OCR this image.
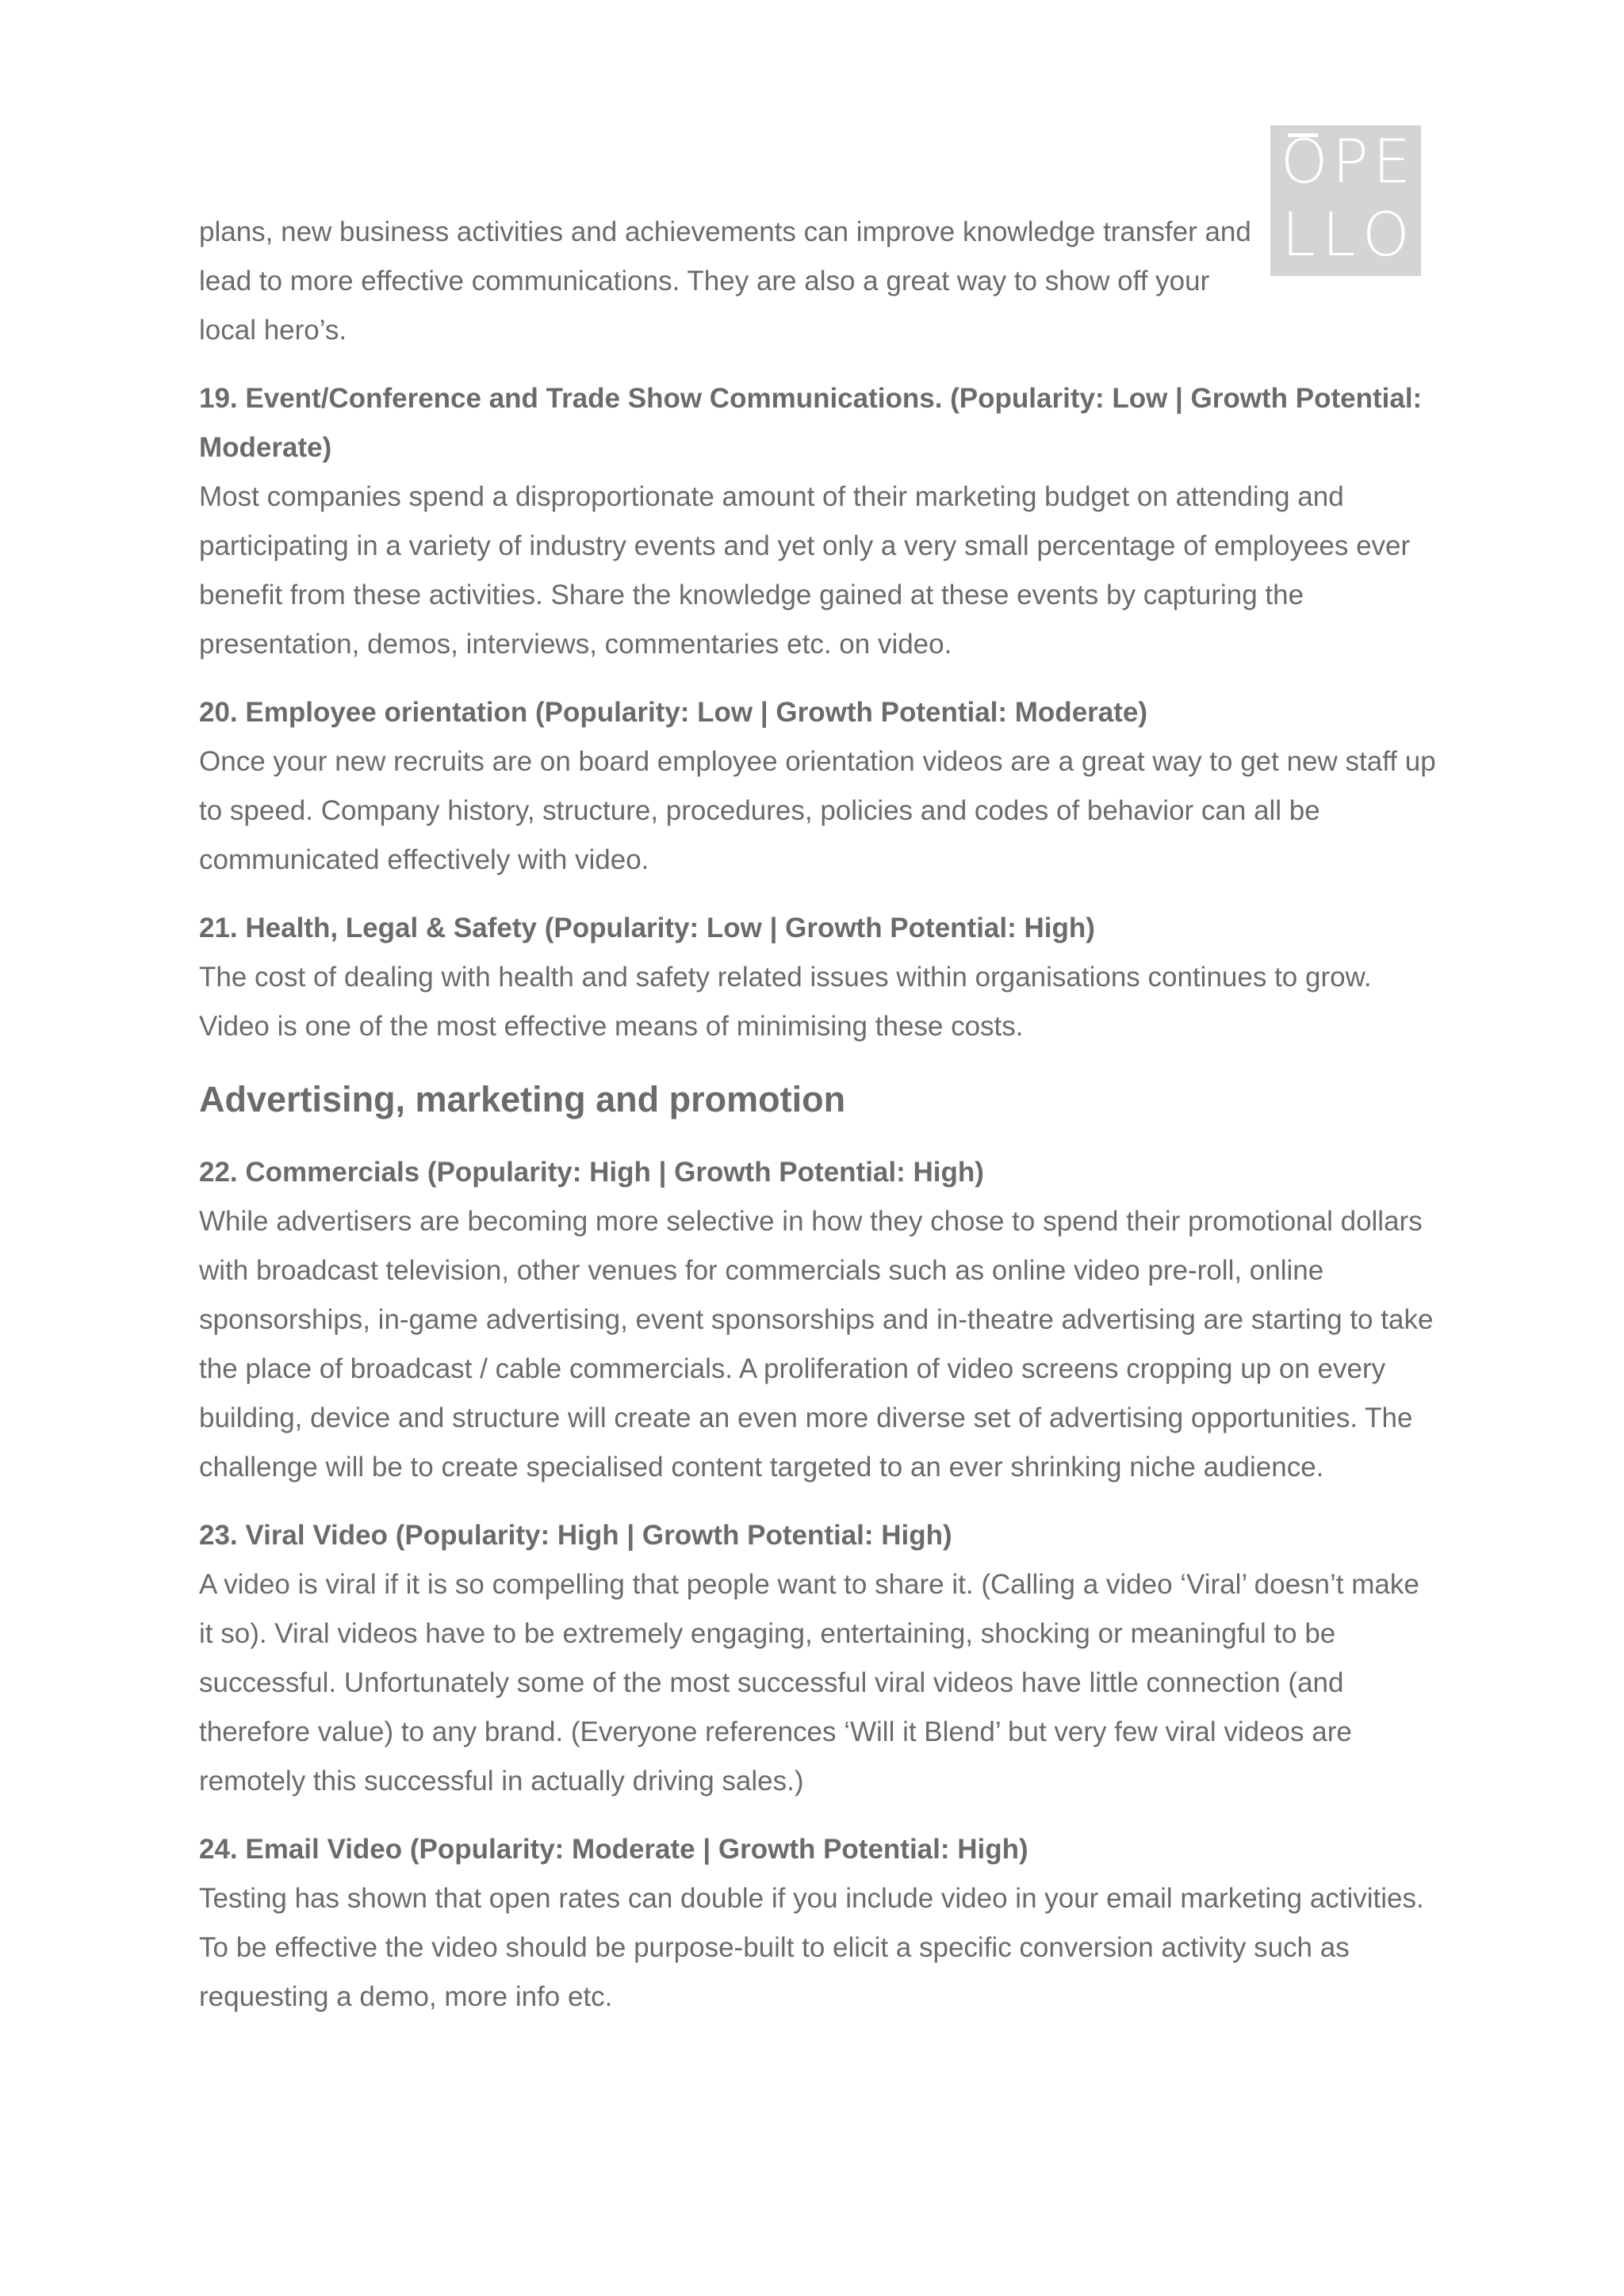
O P E
L L O

plans, new business activities and achievements can improve knowledge transfer and lead to more effective communications. They are also a great way to show off your local hero’s.

19. Event/Conference and Trade Show Communications. (Popularity: Low | Growth Potential: Moderate)

Most companies spend a disproportionate amount of their marketing budget on attending and participating in a variety of industry events and yet only a very small percentage of employees ever benefit from these activities. Share the knowledge gained at these events by capturing the presentation, demos, interviews, commentaries etc. on video.

20. Employee orientation (Popularity: Low | Growth Potential: Moderate)

Once your new recruits are on board employee orientation videos are a great way to get new staff up to speed. Company history, structure, procedures, policies and codes of behavior can all be communicated effectively with video.

21. Health, Legal & Safety (Popularity: Low | Growth Potential: High)

The cost of dealing with health and safety related issues within organisations continues to grow. Video is one of the most effective means of minimising these costs.

Advertising, marketing and promotion

22. Commercials (Popularity: High | Growth Potential: High)

While advertisers are becoming more selective in how they chose to spend their promotional dollars with broadcast television, other venues for commercials such as online video pre-roll, online sponsorships, in-game advertising, event sponsorships and in-theatre advertising are starting to take the place of broadcast / cable commercials. A proliferation of video screens cropping up on every building, device and structure will create an even more diverse set of advertising opportunities. The challenge will be to create specialised content targeted to an ever shrinking niche audience.

23. Viral Video (Popularity: High | Growth Potential: High)

A video is viral if it is so compelling that people want to share it. (Calling a video ‘Viral’ doesn’t make it so). Viral videos have to be extremely engaging, entertaining, shocking or meaningful to be successful. Unfortunately some of the most successful viral videos have little connection (and therefore value) to any brand. (Everyone references ‘Will it Blend’ but very few viral videos are remotely this successful in actually driving sales.)

24. Email Video (Popularity: Moderate | Growth Potential: High)

Testing has shown that open rates can double if you include video in your email marketing activities. To be effective the video should be purpose-built to elicit a specific conversion activity such as requesting a demo, more info etc.
